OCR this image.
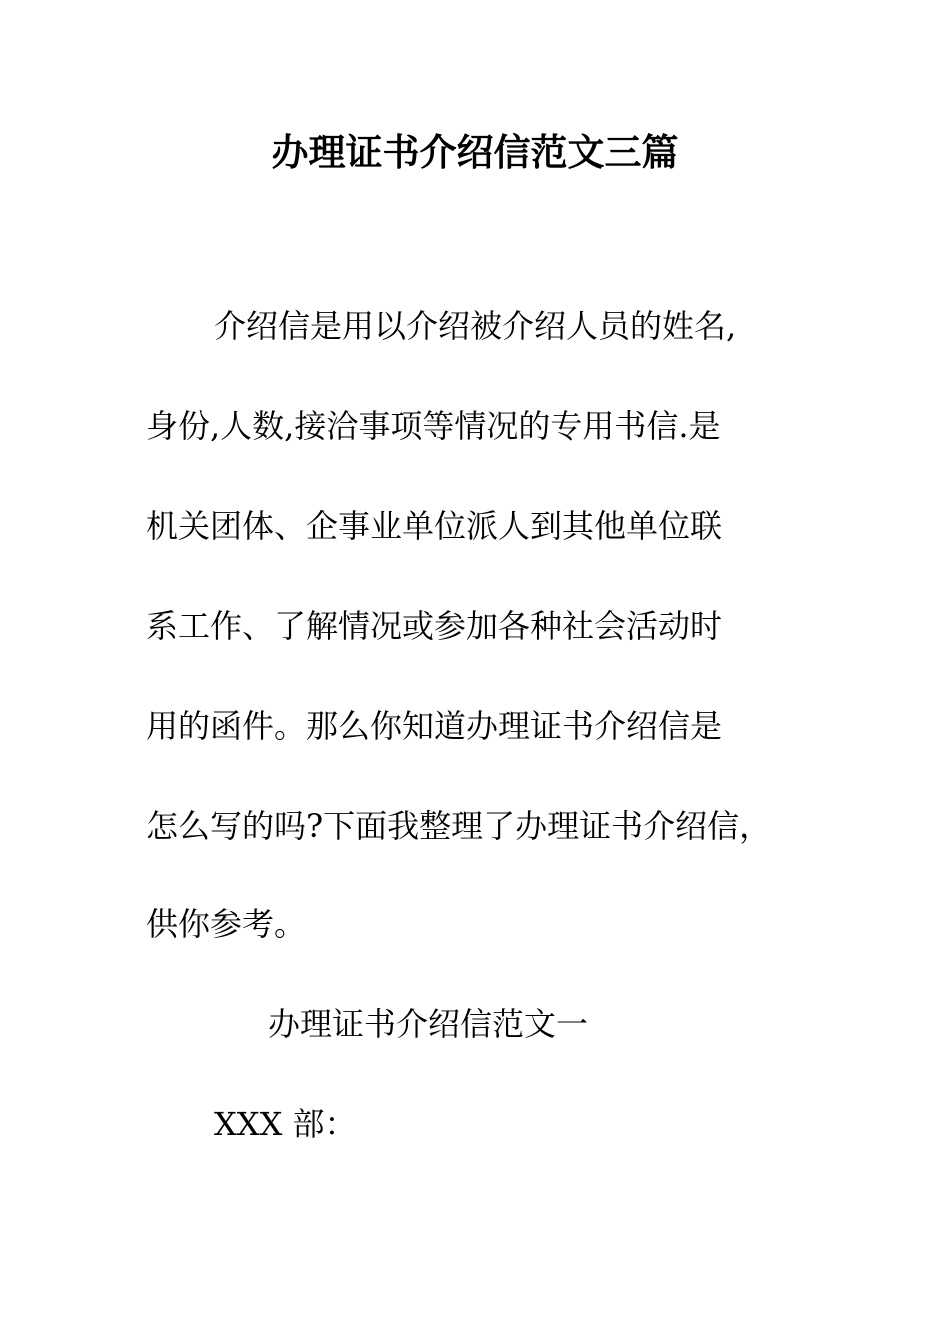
办理证书介绍信范文三篇
介绍信是用以介绍被介绍人员的姓名,
身份,人数,接洽事项等情况的专用书信.是
机关团体、企事业单位派人到其他单位联
系工作、了解情况或参加各种社会活动时
用的函件。那么你知道办理证书介绍信是
怎么写的吗?下面我整理了办理证书介绍信，
供你参考。
办理证书介绍信范文一
XXX 部：
